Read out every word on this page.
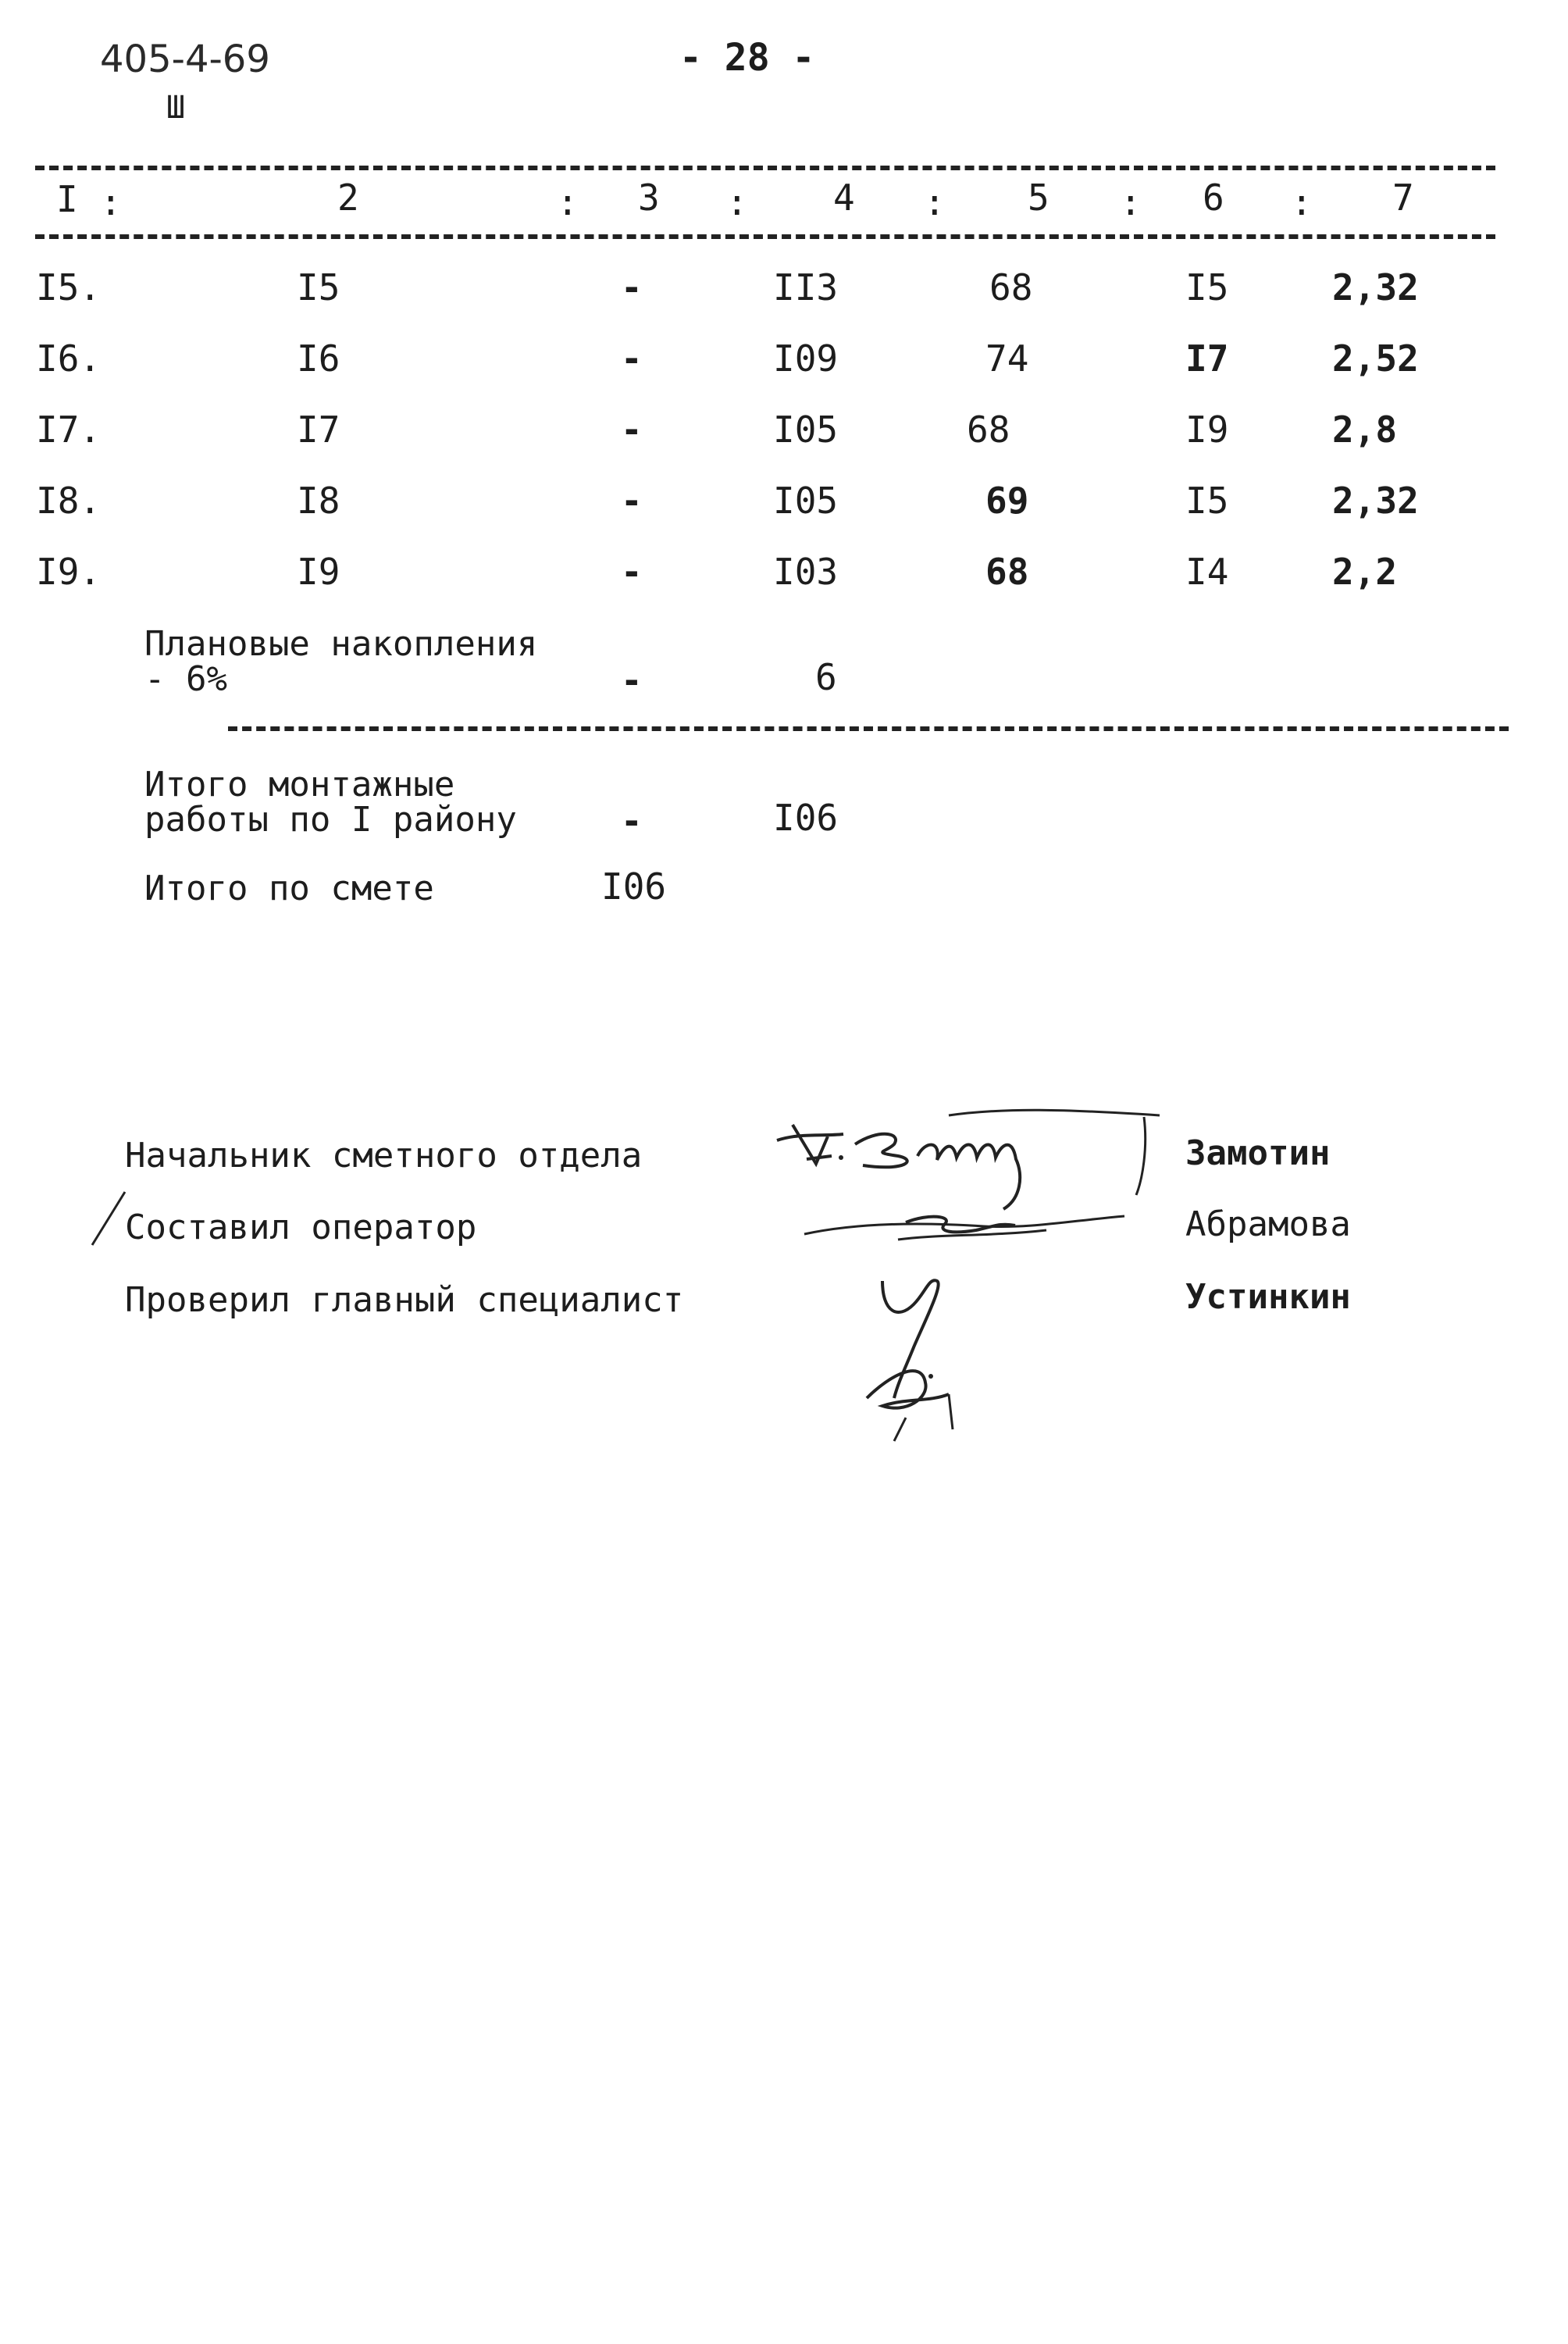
405-4-69
Ш
- 28 -
I :	2	: 3 : 4 : 5 : 6 : 7
I5.	I5	-	II3	68	I5	2,32
I6.	I6	-	I09	74	I7	2,52
I7.	I7	-	I05	68	I9	2,8
I8.	I8	-	I05	69	I5	2,32
I9.	I9	-	I03	68	I4	2,2
Плановые накопления
- 6%	-	6
Итого монтажные
работы по I району	-	I06
Итого по смете	I06
Начальник сметного отдела	Замотин
Составил оператор	Абрамова
Проверил главный специалист	Устинкин
